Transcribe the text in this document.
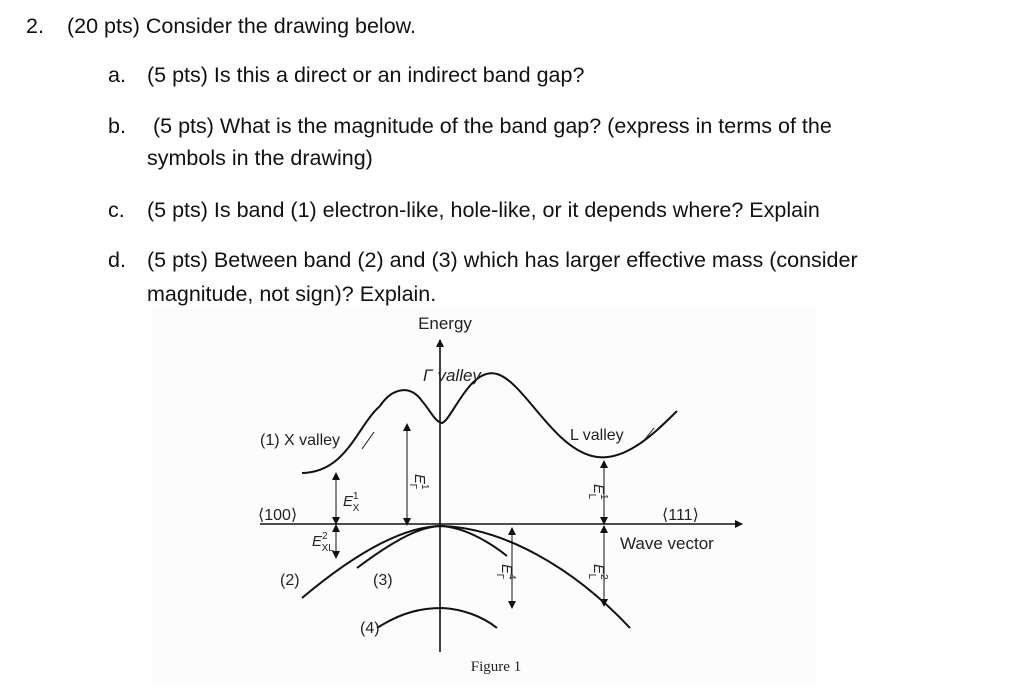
2. (20 pts) Consider the drawing below.
a. (5 pts) Is this a direct or an indirect band gap?
b. (5 pts) What is the magnitude of the band gap? (express in terms of the
symbols in the drawing)
c. (5 pts) Is band (1) electron-like, hole-like, or it depends where? Explain
d. (5 pts) Between band (2) and (3) which has larger effective mass (consider
magnitude, not sign)? Explain.
Energy
Γ valley
(1) X valley	L valley
⟨100⟩	⟨111⟩
Wave vector
(2)	(3)
(4)
$E^1\Gamma$
$E^1$ X
$E^2$ XL
$E^4\Gamma$
$E^1L$
$E^2L$
Figure 1
